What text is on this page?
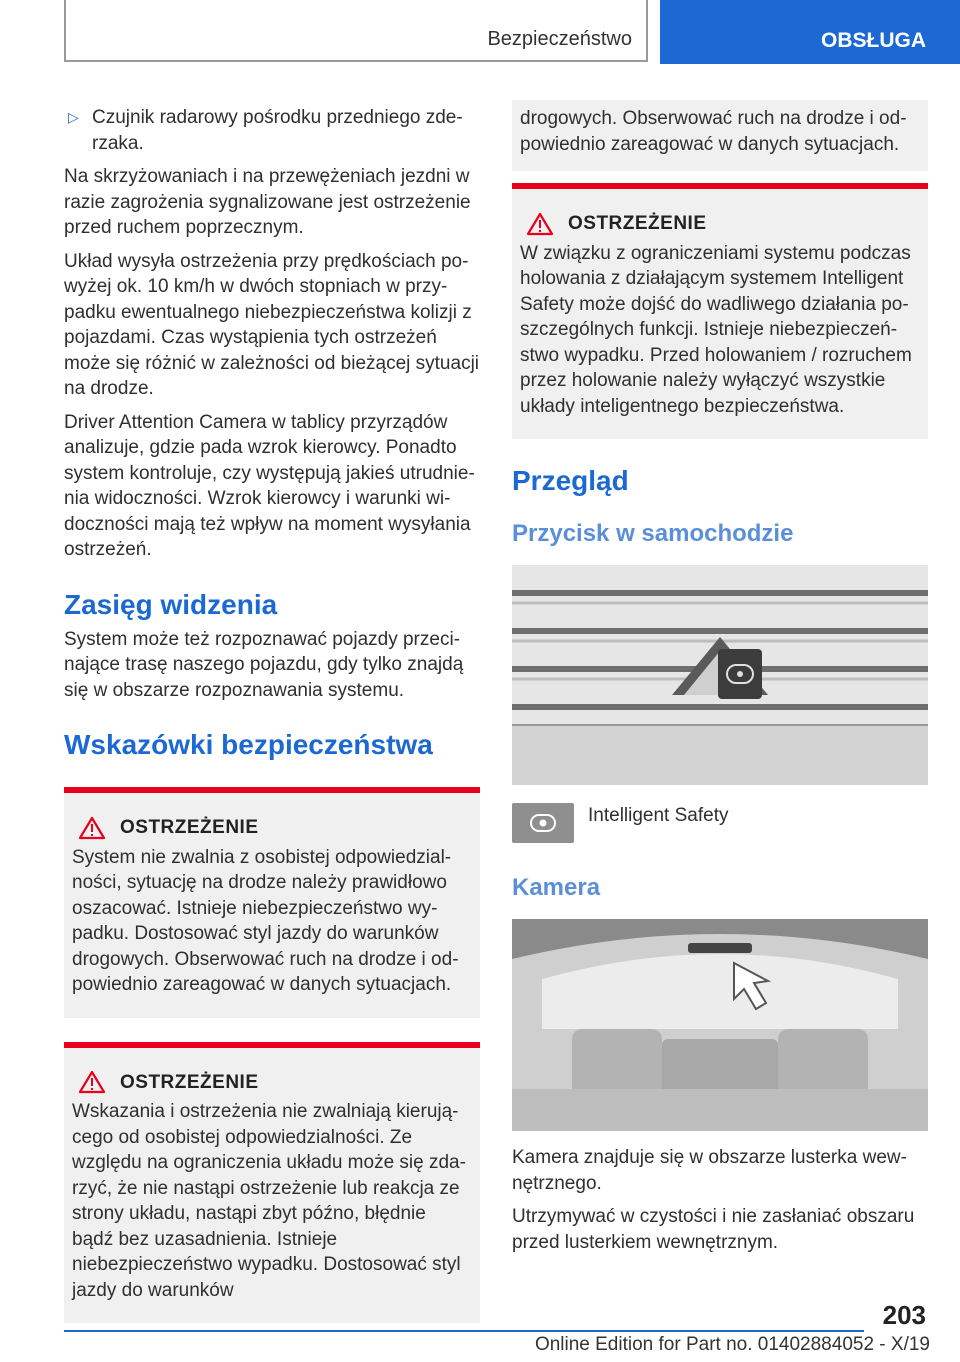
Bezpieczeństwo	OBSŁUGA
▷ Czujnik radarowy pośrodku przedniego zde-rzaka.

Na skrzyżowaniach i na przewężeniach jezdni w razie zagrożenia sygnalizowane jest ostrzeżenie przed ruchem poprzecznym.

Układ wysyła ostrzeżenia przy prędkościach po-wyżej ok. 10 km/h w dwóch stopniach w przy-padku ewentualnego niebezpieczeństwa kolizji z pojazdami. Czas wystąpienia tych ostrzeżeń może się różnić w zależności od bieżącej sytuacji na drodze.

Driver Attention Camera w tablicy przyrządów analizuje, gdzie pada wzrok kierowcy. Ponadto system kontroluje, czy występują jakieś utrudnie-nia widoczności. Wzrok kierowcy i warunki wi-doczności mają też wpływ na moment wysyłania ostrzeżeń.

Zasięg widzenia

System może też rozpoznawać pojazdy przeci-nające trasę naszego pojazdu, gdy tylko znajdą się w obszarze rozpoznawania systemu.

Wskazówki bezpieczeństwa
OSTRZEŻENIE
System nie zwalnia z osobistej odpowiedzial-ności, sytuację na drodze należy prawidłowo oszacować. Istnieje niebezpieczeństwo wy-padku. Dostosować styl jazdy do warunków drogowych. Obserwować ruch na drodze i od-powiednio zareagować w danych sytuacjach.
OSTRZEŻENIE
Wskazania i ostrzeżenia nie zwalniają kierują-cego od osobistej odpowiedzialności. Ze względu na ograniczenia układu może się zda-rzyć, że nie nastąpi ostrzeżenie lub reakcja ze strony układu, nastąpi zbyt późno, błędnie bądź bez uzasadnienia. Istnieje niebezpieczeństwo wypadku. Dostosować styl jazdy do warunków
drogowych. Obserwować ruch na drodze i od-powiednio zareagować w danych sytuacjach.
OSTRZEŻENIE
W związku z ograniczeniami systemu podczas holowania z działającym systemem Intelligent Safety może dojść do wadliwego działania po-szczególnych funkcji. Istnieje niebezpieczeń-stwo wypadku. Przed holowaniem / rozruchem przez holowanie należy wyłączyć wszystkie układy inteligentnego bezpieczeństwa.
Przegląd
Przycisk w samochodzie
Intelligent Safety
Kamera

Kamera znajduje się w obszarze lusterka wew-nętrznego.

Utrzymywać w czystości i nie zasłaniać obszaru przed lusterkiem wewnętrznym.

203
Online Edition for Part no. 01402884052 - X/19
